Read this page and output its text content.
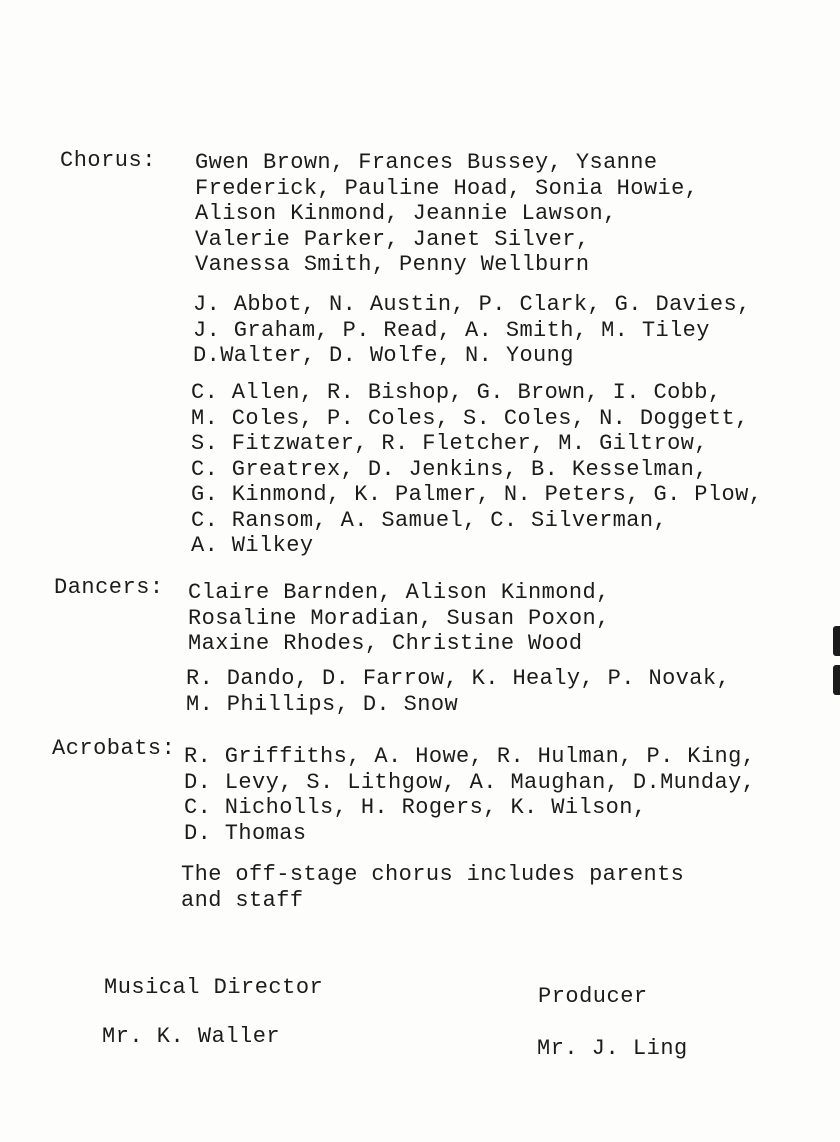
Chorus: Gwen Brown, Frances Bussey, Ysanne
Frederick, Pauline Hoad, Sonia Howie,
Alison Kinmond, Jeannie Lawson,
Valerie Parker, Janet Silver,
Vanessa Smith, Penny Wellburn
J. Abbot, N. Austin, P. Clark, G. Davies,
J. Graham, P. Read, A. Smith, M. Tiley
D.Walter, D. Wolfe, N. Young
C. Allen, R. Bishop, G. Brown, I. Cobb,
M. Coles, P. Coles, S. Coles, N. Doggett,
S. Fitzwater, R. Fletcher, M. Giltrow,
C. Greatrex, D. Jenkins, B. Kesselman,
G. Kinmond, K. Palmer, N. Peters, G. Plow,
C. Ransom, A. Samuel, C. Silverman,
A. Wilkey
Dancers: Claire Barnden, Alison Kinmond,
Rosaline Moradian, Susan Poxon,
Maxine Rhodes, Christine Wood
R. Dando, D. Farrow, K. Healy, P. Novak,
M. Phillips, D. Snow
Acrobats: R. Griffiths, A. Howe, R. Hulman, P. King,
D. Levy, S. Lithgow, A. Maughan, D.Munday,
C. Nicholls, H. Rogers, K. Wilson,
D. Thomas
The off-stage chorus includes parents
and staff
Musical Director
Mr. K. Waller
Producer
Mr. J. Ling
